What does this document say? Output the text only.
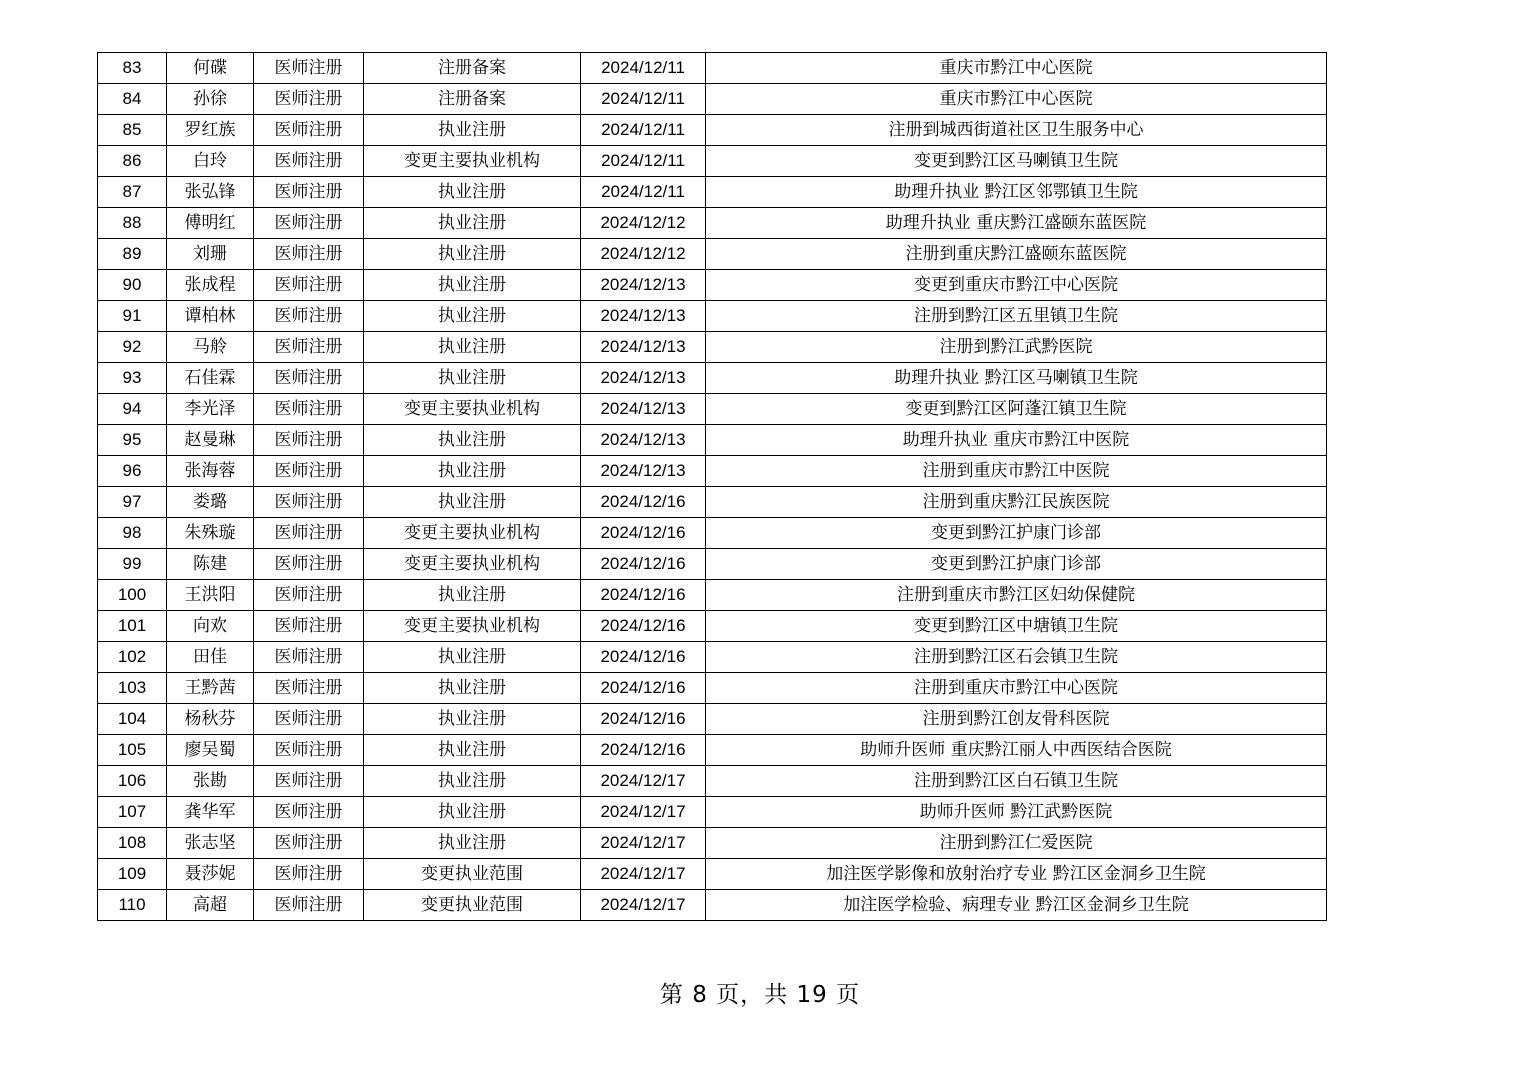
83	何碟	医师注册	注册备案	2024/12/11	重庆市黔江中心医院
84	孙徐	医师注册	注册备案	2024/12/11	重庆市黔江中心医院
85	罗红族	医师注册	执业注册	2024/12/11	注册到城西街道社区卫生服务中心
86	白玲	医师注册	变更主要执业机构	2024/12/11	变更到黔江区马喇镇卫生院
87	张弘锋	医师注册	执业注册	2024/12/11	助理升执业 黔江区邻鄂镇卫生院
88	傅明红	医师注册	执业注册	2024/12/12	助理升执业 重庆黔江盛颐东蓝医院
89	刘珊	医师注册	执业注册	2024/12/12	注册到重庆黔江盛颐东蓝医院
90	张成程	医师注册	执业注册	2024/12/13	变更到重庆市黔江中心医院
91	谭柏林	医师注册	执业注册	2024/12/13	注册到黔江区五里镇卫生院
92	马舲	医师注册	执业注册	2024/12/13	注册到黔江武黔医院
93	石佳霖	医师注册	执业注册	2024/12/13	助理升执业 黔江区马喇镇卫生院
94	李光泽	医师注册	变更主要执业机构	2024/12/13	变更到黔江区阿蓬江镇卫生院
95	赵曼琳	医师注册	执业注册	2024/12/13	助理升执业 重庆市黔江中医院
96	张海蓉	医师注册	执业注册	2024/12/13	注册到重庆市黔江中医院
97	娄璐	医师注册	执业注册	2024/12/16	注册到重庆黔江民族医院
98	朱殊璇	医师注册	变更主要执业机构	2024/12/16	变更到黔江护康门诊部
99	陈建	医师注册	变更主要执业机构	2024/12/16	变更到黔江护康门诊部
100	王洪阳	医师注册	执业注册	2024/12/16	注册到重庆市黔江区妇幼保健院
101	向欢	医师注册	变更主要执业机构	2024/12/16	变更到黔江区中塘镇卫生院
102	田佳	医师注册	执业注册	2024/12/16	注册到黔江区石会镇卫生院
103	王黔茜	医师注册	执业注册	2024/12/16	注册到重庆市黔江中心医院
104	杨秋芬	医师注册	执业注册	2024/12/16	注册到黔江创友骨科医院
105	廖吴蜀	医师注册	执业注册	2024/12/16	助师升医师 重庆黔江丽人中西医结合医院
106	张勘	医师注册	执业注册	2024/12/17	注册到黔江区白石镇卫生院
107	龚华军	医师注册	执业注册	2024/12/17	助师升医师 黔江武黔医院
108	张志坚	医师注册	执业注册	2024/12/17	注册到黔江仁爱医院
109	聂莎妮	医师注册	变更执业范围	2024/12/17	加注医学影像和放射治疗专业 黔江区金洞乡卫生院
110	高超	医师注册	变更执业范围	2024/12/17	加注医学检验、病理专业 黔江区金洞乡卫生院
第 8 页，共 19 页
